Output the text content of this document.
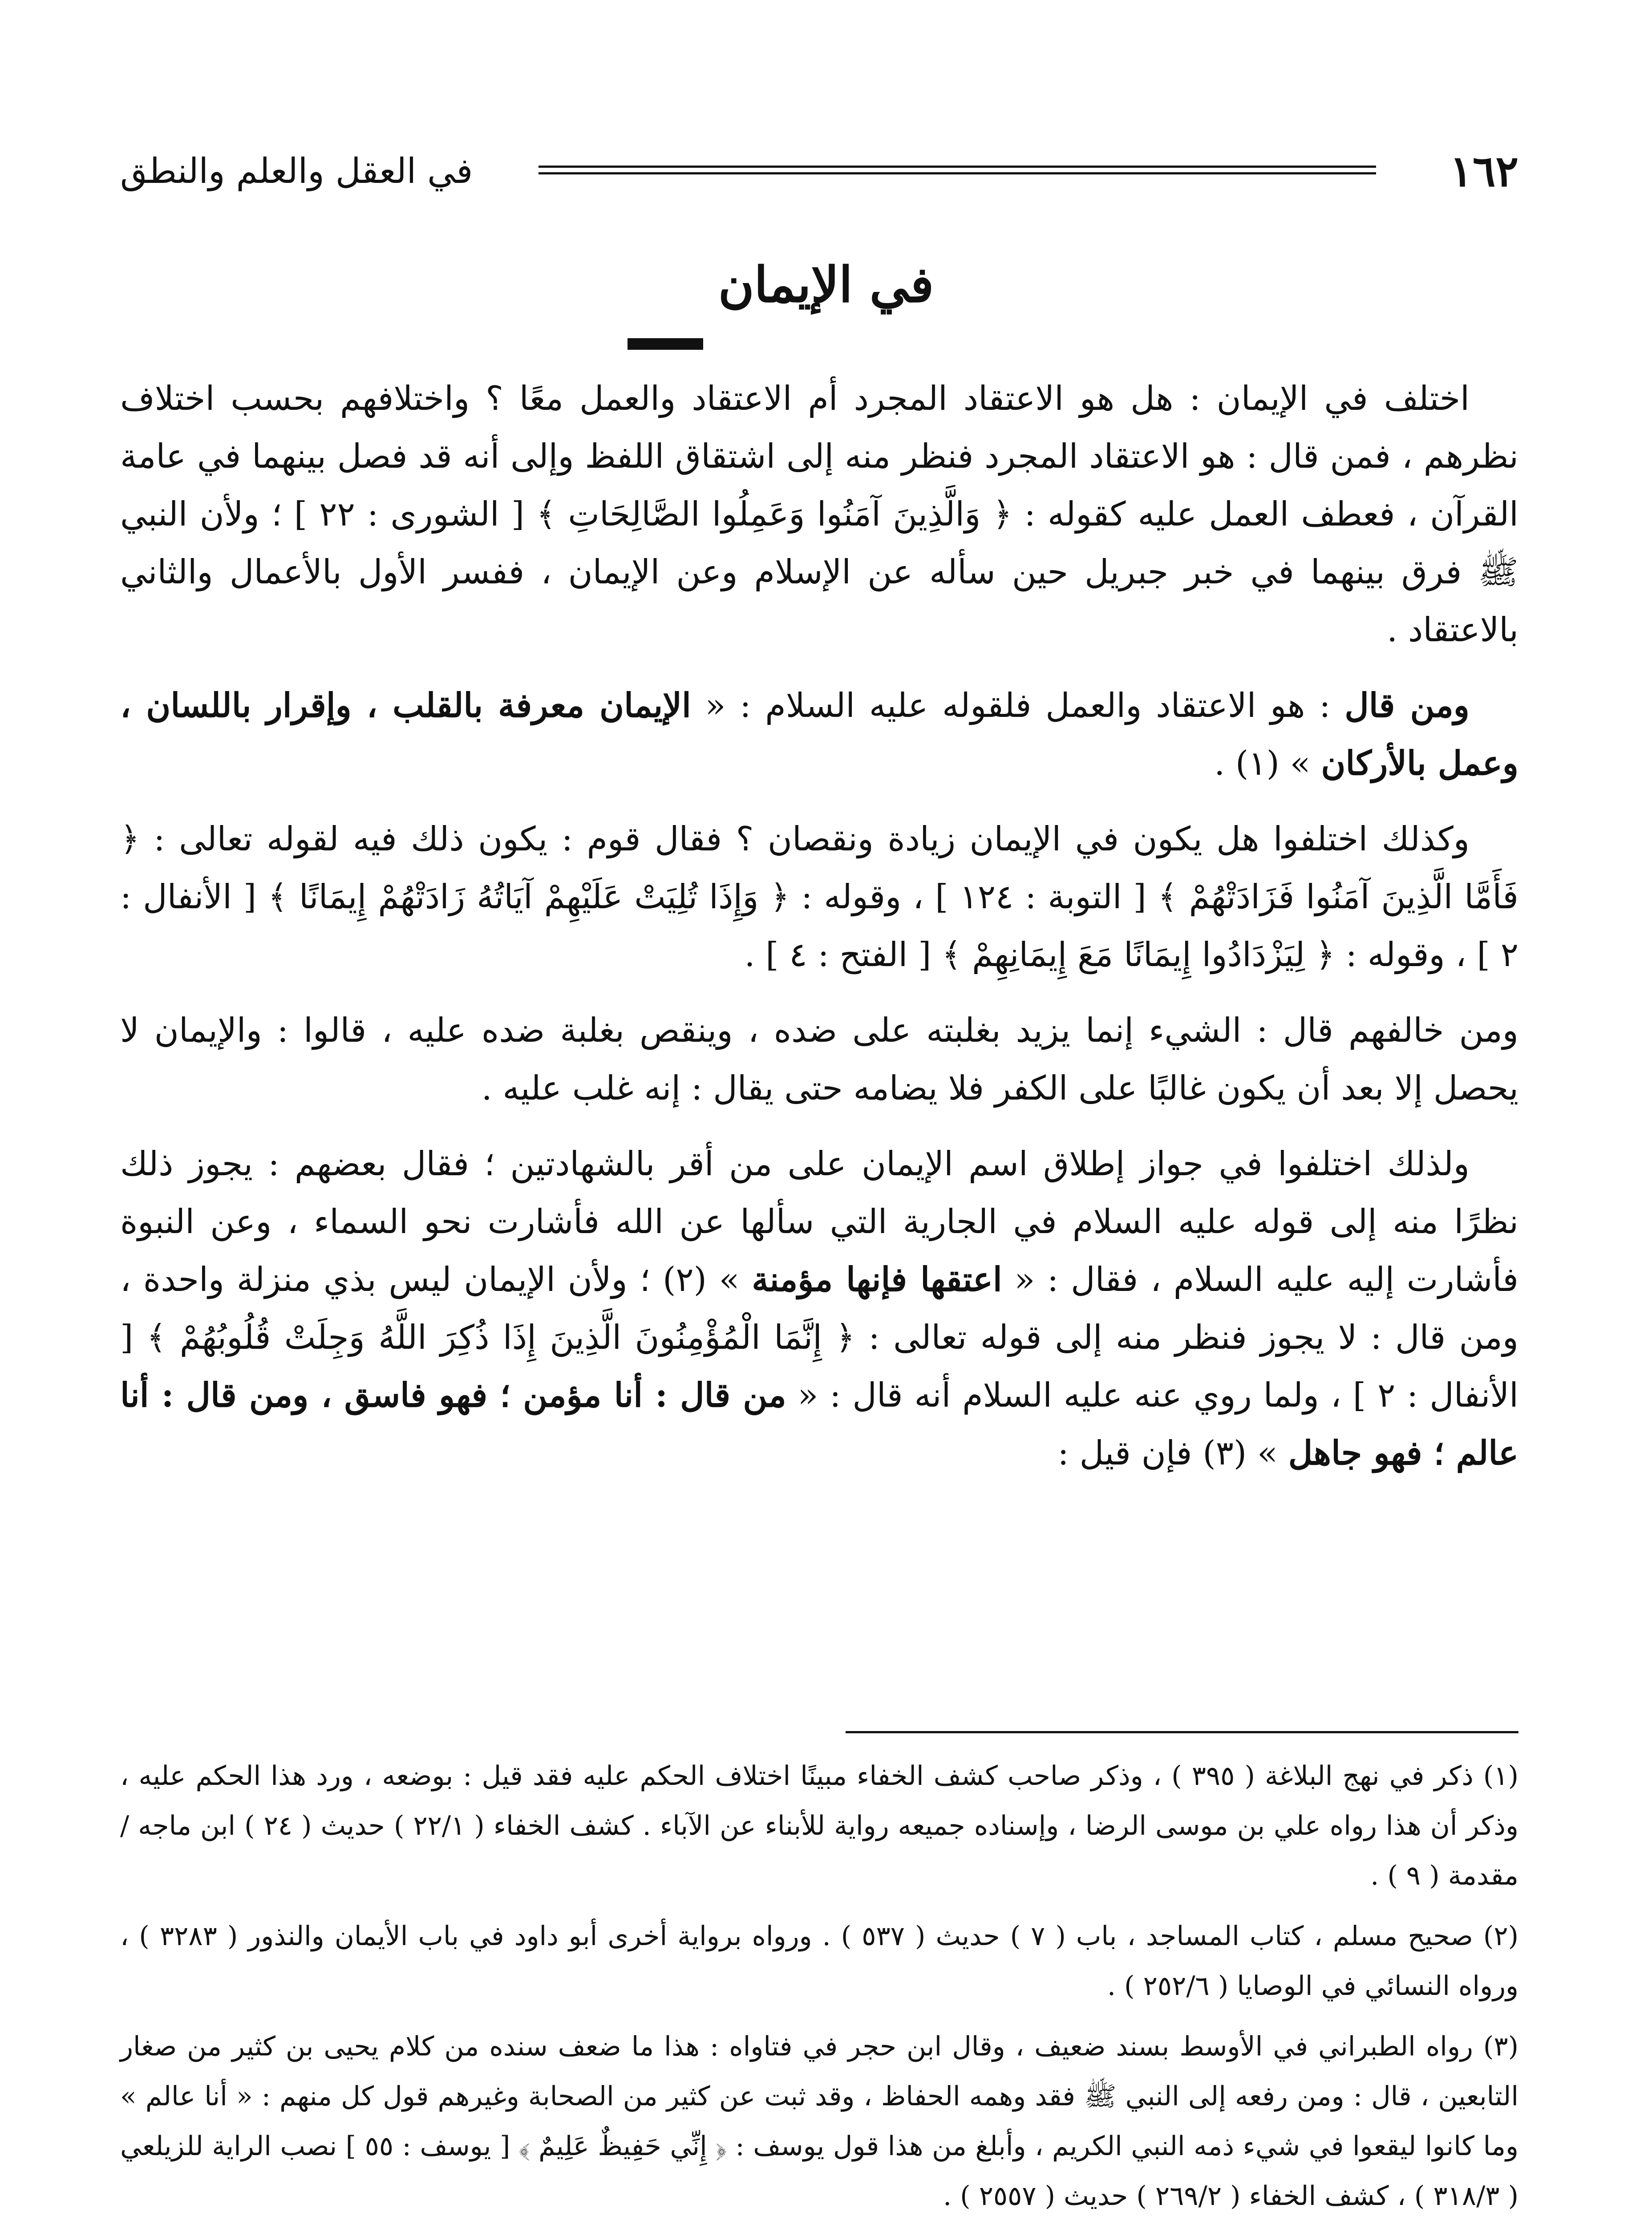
في العقل والعلم والنطق	١٦٢
في الإيمان

اختلف في الإيمان : هل هو الاعتقاد المجرد أم الاعتقاد والعمل معًا ؟ واختلافهم بحسب اختلاف نظرهم ، فمن قال : هو الاعتقاد المجرد فنظر منه إلى اشتقاق اللفظ وإلى أنه قد فصل بينهما في عامة القرآن ، فعطف العمل عليه كقوله : ﴿ وَالَّذِينَ آمَنُوا وَعَمِلُوا الصَّالِحَاتِ ﴾ [ الشورى : ٢٢ ] ؛ ولأن النبي ﷺ فرق بينهما في خبر جبريل حين سأله عن الإسلام وعن الإيمان ، ففسر الأول بالأعمال والثاني بالاعتقاد .

ومن قال : هو الاعتقاد والعمل فلقوله عليه السلام : « الإيمان معرفة بالقلب ، وإقرار باللسان ، وعمل بالأركان » (١) .

وكذلك اختلفوا هل يكون في الإيمان زيادة ونقصان ؟ فقال قوم : يكون ذلك فيه لقوله تعالى : ﴿ فَأَمَّا الَّذِينَ آمَنُوا فَزَادَتْهُمْ ﴾ [ التوبة : ١٢٤ ] ، وقوله : ﴿ وَإِذَا تُلِيَتْ عَلَيْهِمْ آيَاتُهُ زَادَتْهُمْ إِيمَانًا ﴾ [ الأنفال : ٢ ] ، وقوله : ﴿ لِيَزْدَادُوا إِيمَانًا مَعَ إِيمَانِهِمْ ﴾ [ الفتح : ٤ ] .

ومن خالفهم قال : الشيء إنما يزيد بغلبته على ضده ، وينقص بغلبة ضده عليه ، قالوا : والإيمان لا يحصل إلا بعد أن يكون غالبًا على الكفر فلا يضامه حتى يقال : إنه غلب عليه .

ولذلك اختلفوا في جواز إطلاق اسم الإيمان على من أقر بالشهادتين ؛ فقال بعضهم : يجوز ذلك نظرًا منه إلى قوله عليه السلام في الجارية التي سألها عن الله فأشارت نحو السماء ، وعن النبوة فأشارت إليه عليه السلام ، فقال : « اعتقها فإنها مؤمنة » (٢) ؛ ولأن الإيمان ليس بذي منزلة واحدة ، ومن قال : لا يجوز فنظر منه إلى قوله تعالى : ﴿ إِنَّمَا الْمُؤْمِنُونَ الَّذِينَ إِذَا ذُكِرَ اللَّهُ وَجِلَتْ قُلُوبُهُمْ ﴾ [ الأنفال : ٢ ] ، ولما روي عنه عليه السلام أنه قال : « من قال : أنا مؤمن ؛ فهو فاسق ، ومن قال : أنا عالم ؛ فهو جاهل » (٣) فإن قيل :

(١) ذكر في نهج البلاغة ( ٣٩٥ ) ، وذكر صاحب كشف الخفاء مبينًا اختلاف الحكم عليه فقد قيل : بوضعه ، ورد هذا الحكم عليه ، وذكر أن هذا رواه علي بن موسى الرضا ، وإسناده جميعه رواية للأبناء عن الآباء . كشف الخفاء ( ٢٢/١ ) حديث ( ٢٤ ) ابن ماجه / مقدمة ( ٩ ) .

(٢) صحيح مسلم ، كتاب المساجد ، باب ( ٧ ) حديث ( ٥٣٧ ) . ورواه برواية أخرى أبو داود في باب الأيمان والنذور ( ٣٢٨٣ ) ، ورواه النسائي في الوصايا ( ٢٥٢/٦ ) .

(٣) رواه الطبراني في الأوسط بسند ضعيف ، وقال ابن حجر في فتاواه : هذا ما ضعف سنده من كلام يحيى بن كثير من صغار التابعين ، قال : ومن رفعه إلى النبي ﷺ فقد وهمه الحفاظ ، وقد ثبت عن كثير من الصحابة وغيرهم قول كل منهم : « أنا عالم » وما كانوا ليقعوا في شيء ذمه النبي الكريم ، وأبلغ من هذا قول يوسف : ﴿ إِنِّي حَفِيظٌ عَلِيمٌ ﴾ [ يوسف : ٥٥ ] نصب الراية للزيلعي ( ٣١٨/٣ ) ، كشف الخفاء ( ٢٦٩/٢ ) حديث ( ٢٥٥٧ ) .
